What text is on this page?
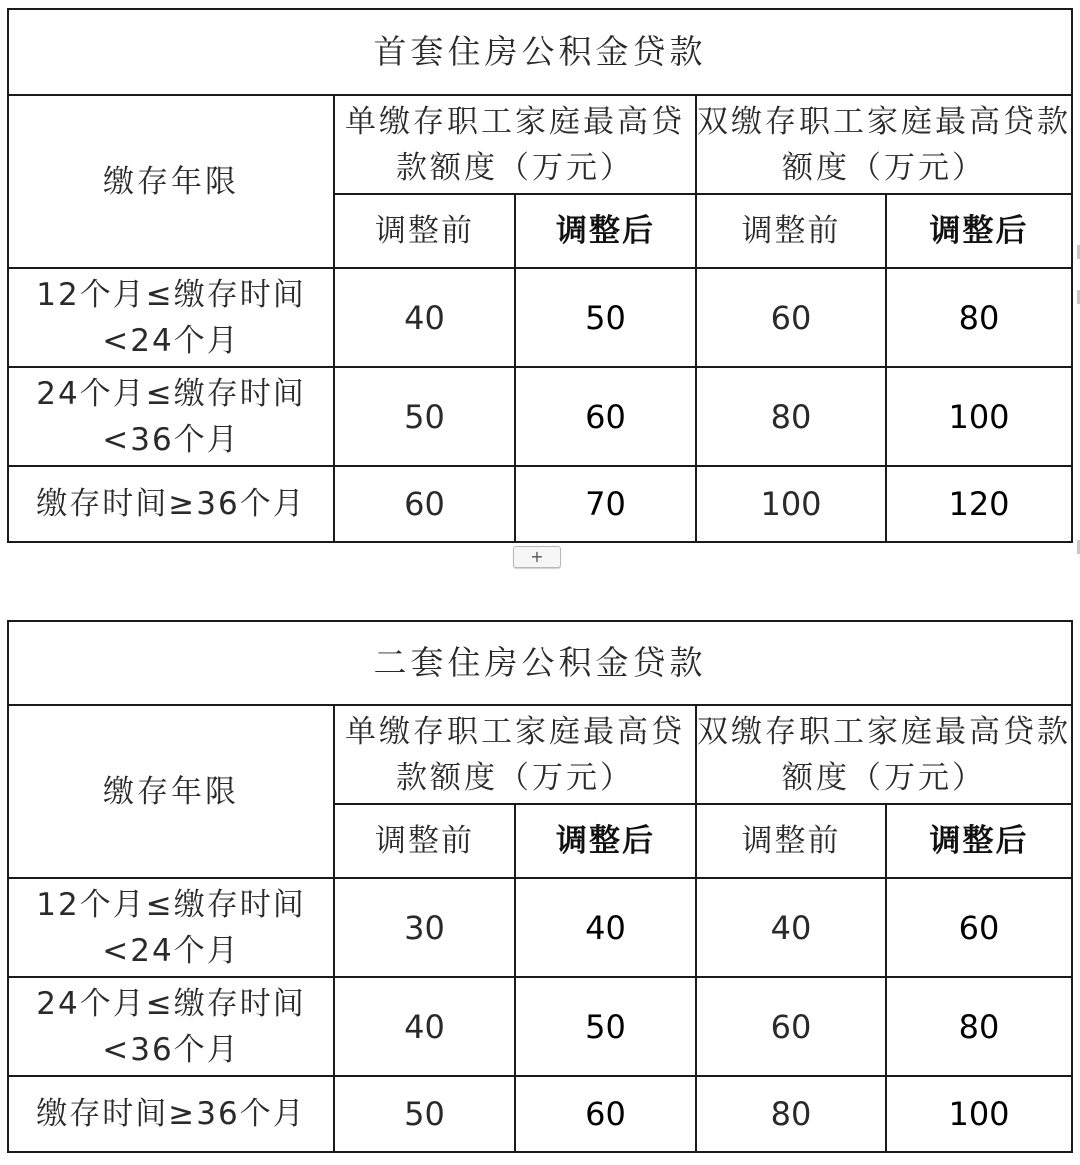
首套住房公积金贷款				
缴存年限	单缴存职工家庭最高贷款额度（万元）		双缴存职工家庭最高贷款额度（万元）	
	调整前	调整后	调整前	调整后

12个月≤缴存时间
<24个月	40	50	60	80

24个月≤缴存时间
<36个月	50	60	80	100
缴存时间≥36个月	60	70	100	120
+
二套住房公积金贷款				
缴存年限	单缴存职工家庭最高贷款额度（万元）		双缴存职工家庭最高贷款额度（万元）	
	调整前	调整后	调整前	调整后

12个月≤缴存时间
<24个月	30	40	40	60

24个月≤缴存时间
<36个月	40	50	60	80
缴存时间≥36个月	50	60	80	100
